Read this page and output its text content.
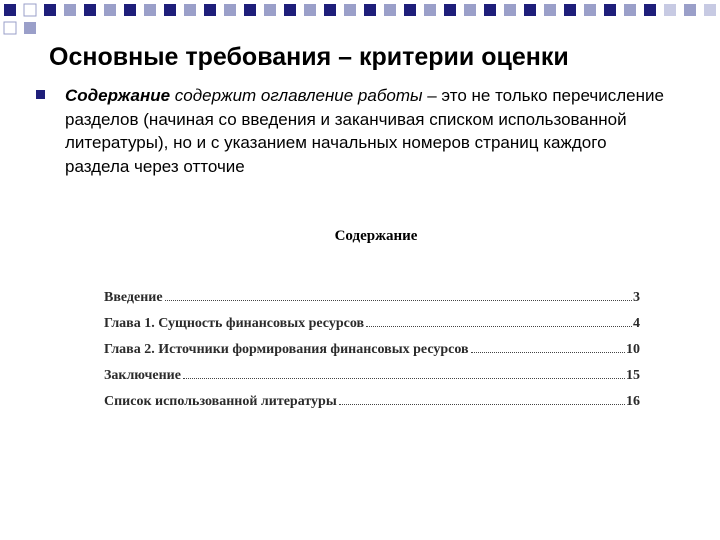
Основные требования – критерии оценки
Содержание содержит оглавление работы – это не только перечисление разделов (начиная со введения и заканчивая списком использованной литературы), но и с указанием начальных номеров страниц каждого раздела через отточие
Содержание
Введение	3
Глава 1. Сущность финансовых ресурсов	4
Глава 2. Источники формирования финансовых ресурсов	10
Заключение	15
Список использованной литературы	16
